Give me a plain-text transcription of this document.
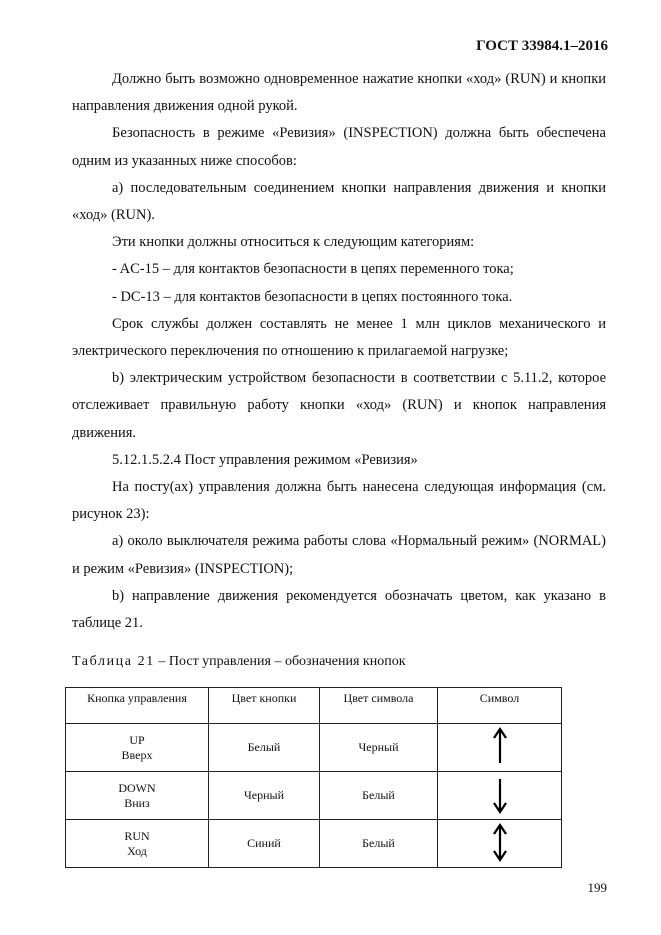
ГОСТ 33984.1–2016

Должно быть возможно одновременное нажатие кнопки «ход» (RUN) и кнопки направления движения одной рукой.

Безопасность в режиме «Ревизия» (INSPECTION) должна быть обеспечена одним из указанных ниже способов:

а) последовательным соединением кнопки направления движения и кнопки «ход» (RUN).

Эти кнопки должны относиться к следующим категориям:

- AC-15 – для контактов безопасности в цепях переменного тока;

- DC-13 – для контактов безопасности в цепях постоянного тока.

Срок службы должен составлять не менее 1 млн циклов механического и электрического переключения по отношению к прилагаемой нагрузке;

b) электрическим устройством безопасности в соответствии с 5.11.2, которое отслеживает правильную работу кнопки «ход» (RUN) и кнопок направления движения.

5.12.1.5.2.4 Пост управления режимом «Ревизия»

На посту(ах) управления должна быть нанесена следующая информация (см. рисунок 23):

а) около выключателя режима работы слова «Нормальный режим» (NORMAL) и режим «Ревизия» (INSPECTION);

b) направление движения рекомендуется обозначать цветом, как указано в таблице 21.

Таблица 21 – Пост управления – обозначения кнопок
Кнопка управления	Цвет кнопки	Цвет символа	Символ

UP
Вверх	Белый	Черный	

DOWN
Вниз	Черный	Белый	

RUN
Ход	Синий	Белый	
199
